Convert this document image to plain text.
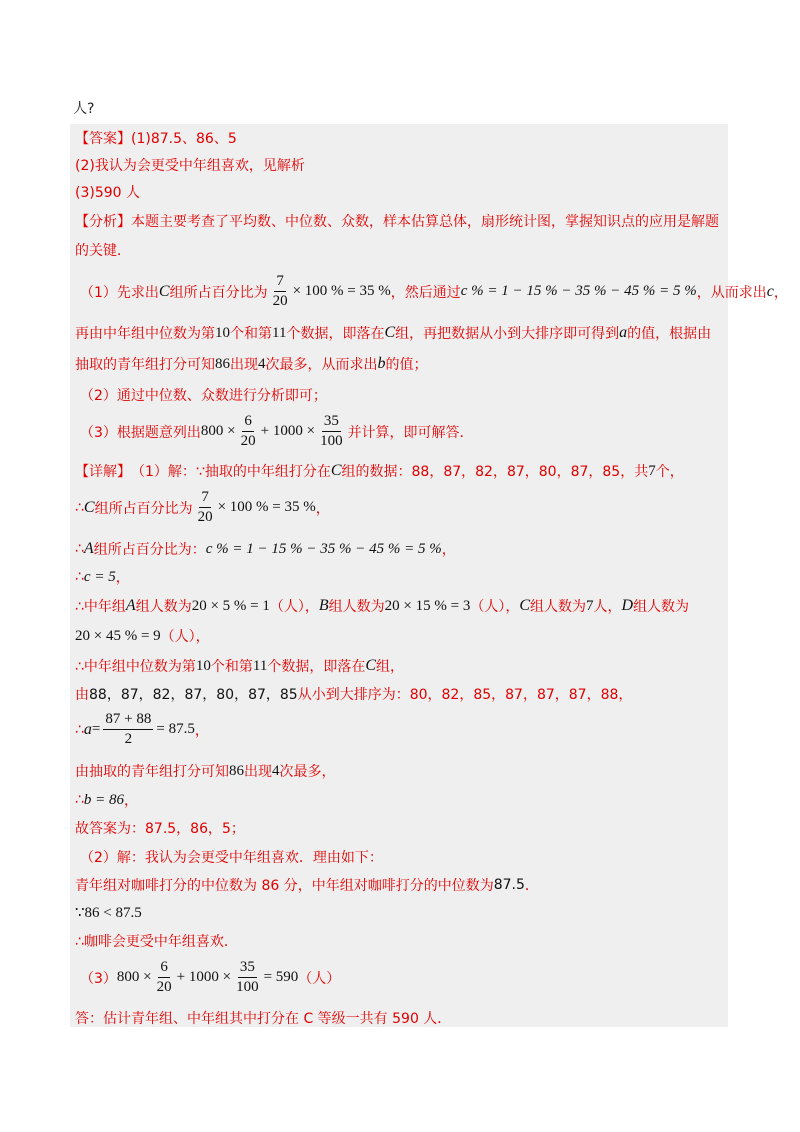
人?
【答案】 (1)87.5、86、5
(2)我认为会更受中年组喜欢，见解析
(3)590 人
【分析】 本题主要考查了平均数、中位数、众数，样本估算总体，扇形统计图，掌握知识点的应用是解题
的关键．
（1）先求出 C 组所占百分比为 $\frac{7}{20} \times 100$ % = 35 % ，然后通过 c % = 1 − 15 % − 35 % − 45 % = 5 % ，从而求出 c ，
再由中年组中位数为第 10 个和第 11 个数据，即落在 C 组，再把数据从小到大排序即可得到 a 的值，根据由
抽取的青年组打分可知 86 出现 4 次最多，从而求出 b 的值；
（2）通过中位数、众数进行分析即可；
（3）根据题意列出 $800 \times \frac{6}{20} + 1000 \times \frac{35}{100}$ 并计算，即可解答．
【详解】 （1）解：∵抽取的中年组打分在 C 组的数据：88，87，82，87，80，87，85，共 7 个，
∴ C 组所占百分比为 $\frac{7}{20} \times 100$ % = 35 % ，
∴ A 组所占百分比为： c % = 1 − 15 % − 35 % − 45 % = 5 % ，
∴ c = 5 ，
∴中年组 A 组人数为 20 × 5 % = 1 （人）， B 组人数为 20 × 15 % = 3 （人）， C 组人数为 7 人， D 组人数为
20 × 45 % = 9 （人），
∴中年组中位数为第 10 个和第 11 个数据，即落在 C 组，
由 88，87，82，87，80，87，85 从小到大排序为：80，82，85，87，87，87，88，
∴ $a = \frac{87 + 88}{2} = 87.5$ ，
由抽取的青年组打分可知 86 出现 4 次最多，
∴ b = 86 ，
故答案为：87.5，86，5；
（2）解：我认为会更受中年组喜欢．理由如下：
青年组对咖啡打分的中位数为 86 分，中年组对咖啡打分的中位数为 87.5 ．
∵86 < 87.5
∴咖啡会更受中年组喜欢．
（3） $800 \times \frac{6}{20} + 1000 \times \frac{35}{100} = 590$ （人）
答：估计青年组、中年组其中打分在 C 等级一共有 590 人．
